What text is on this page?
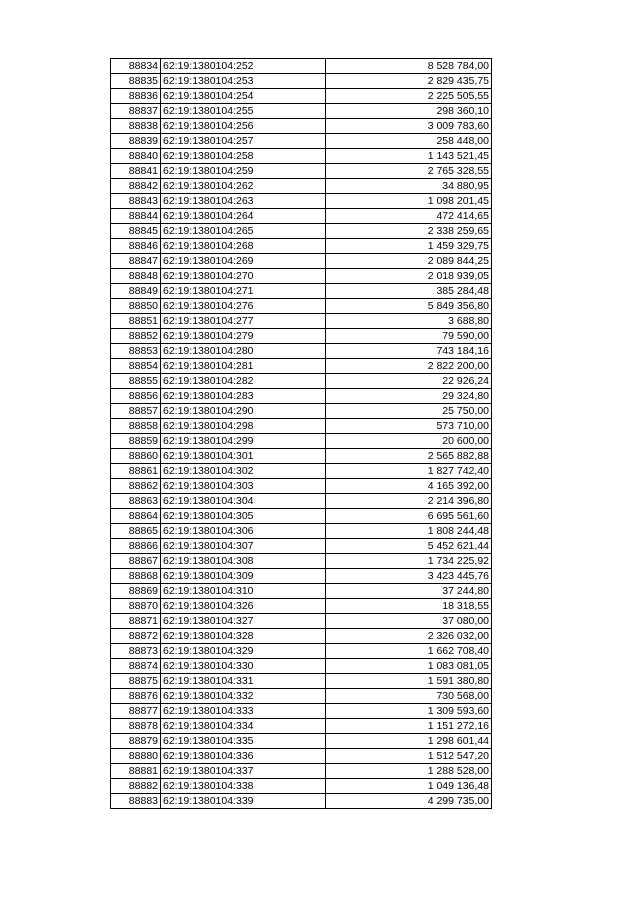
88834	62:19:1380104:252	8 528 784,00
88835	62:19:1380104:253	2 829 435,75
88836	62:19:1380104:254	2 225 505,55
88837	62:19:1380104:255	298 360,10
88838	62:19:1380104:256	3 009 783,60
88839	62:19:1380104:257	258 448,00
88840	62:19:1380104:258	1 143 521,45
88841	62:19:1380104:259	2 765 328,55
88842	62:19:1380104:262	34 880,95
88843	62:19:1380104:263	1 098 201,45
88844	62:19:1380104:264	472 414,65
88845	62:19:1380104:265	2 338 259,65
88846	62:19:1380104:268	1 459 329,75
88847	62:19:1380104:269	2 089 844,25
88848	62:19:1380104:270	2 018 939,05
88849	62:19:1380104:271	385 284,48
88850	62:19:1380104:276	5 849 356,80
88851	62:19:1380104:277	3 688,80
88852	62:19:1380104:279	79 590,00
88853	62:19:1380104:280	743 184,16
88854	62:19:1380104:281	2 822 200,00
88855	62:19:1380104:282	22 926,24
88856	62:19:1380104:283	29 324,80
88857	62:19:1380104:290	25 750,00
88858	62:19:1380104:298	573 710,00
88859	62:19:1380104:299	20 600,00
88860	62:19:1380104:301	2 565 882,88
88861	62:19:1380104:302	1 827 742,40
88862	62:19:1380104:303	4 165 392,00
88863	62:19:1380104:304	2 214 396,80
88864	62:19:1380104:305	6 695 561,60
88865	62:19:1380104:306	1 808 244,48
88866	62:19:1380104:307	5 452 621,44
88867	62:19:1380104:308	1 734 225,92
88868	62:19:1380104:309	3 423 445,76
88869	62:19:1380104:310	37 244,80
88870	62:19:1380104:326	18 318,55
88871	62:19:1380104:327	37 080,00
88872	62:19:1380104:328	2 326 032,00
88873	62:19:1380104:329	1 662 708,40
88874	62:19:1380104:330	1 083 081,05
88875	62:19:1380104:331	1 591 380,80
88876	62:19:1380104:332	730 568,00
88877	62:19:1380104:333	1 309 593,60
88878	62:19:1380104:334	1 151 272,16
88879	62:19:1380104:335	1 298 601,44
88880	62:19:1380104:336	1 512 547,20
88881	62:19:1380104:337	1 288 528,00
88882	62:19:1380104:338	1 049 136,48
88883	62:19:1380104:339	4 299 735,00
